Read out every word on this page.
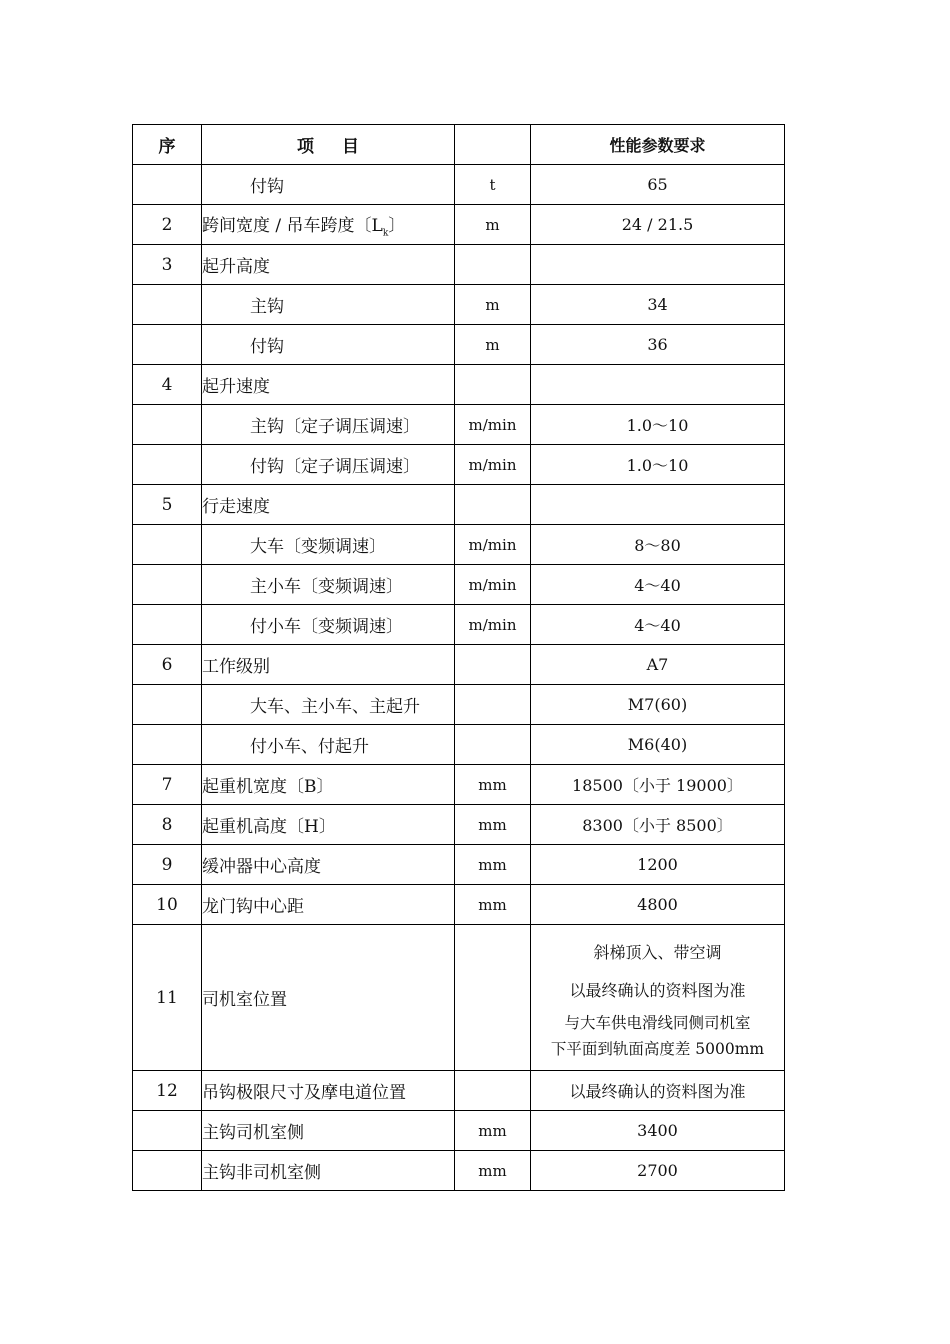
序	项 目		性能参数要求
	付钩	t	65
2	跨间宽度 / 吊车跨度〔$L_k$〕	m	24 / 21.5
3	起升高度		
	主钩	m	34
	付钩	m	36
4	起升速度		
	主钩〔定子调压调速〕	m/min	1.0～10
	付钩〔定子调压调速〕	m/min	1.0～10
5	行走速度		
	大车〔变频调速〕	m/min	8～80
	主小车〔变频调速〕	m/min	4～40
	付小车〔变频调速〕	m/min	4～40
6	工作级别		A7
	大车、主小车、主起升		M7(60)
	付小车、付起升		M6(40)
7	起重机宽度〔B〕	mm	18500〔小于 19000〕
8	起重机高度〔H〕	mm	8300〔小于 8500〕
9	缓冲器中心高度	mm	1200
10	龙门钩中心距	mm	4800
11	司机室位置		斜梯顶入、带空调
以最终确认的资料图为准
与大车供电滑线同侧司机室
下平面到轨面高度差 5000mm

12	吊钩极限尺寸及摩电道位置		以最终确认的资料图为准
	主钩司机室侧	mm	3400
	主钩非司机室侧	mm	2700
